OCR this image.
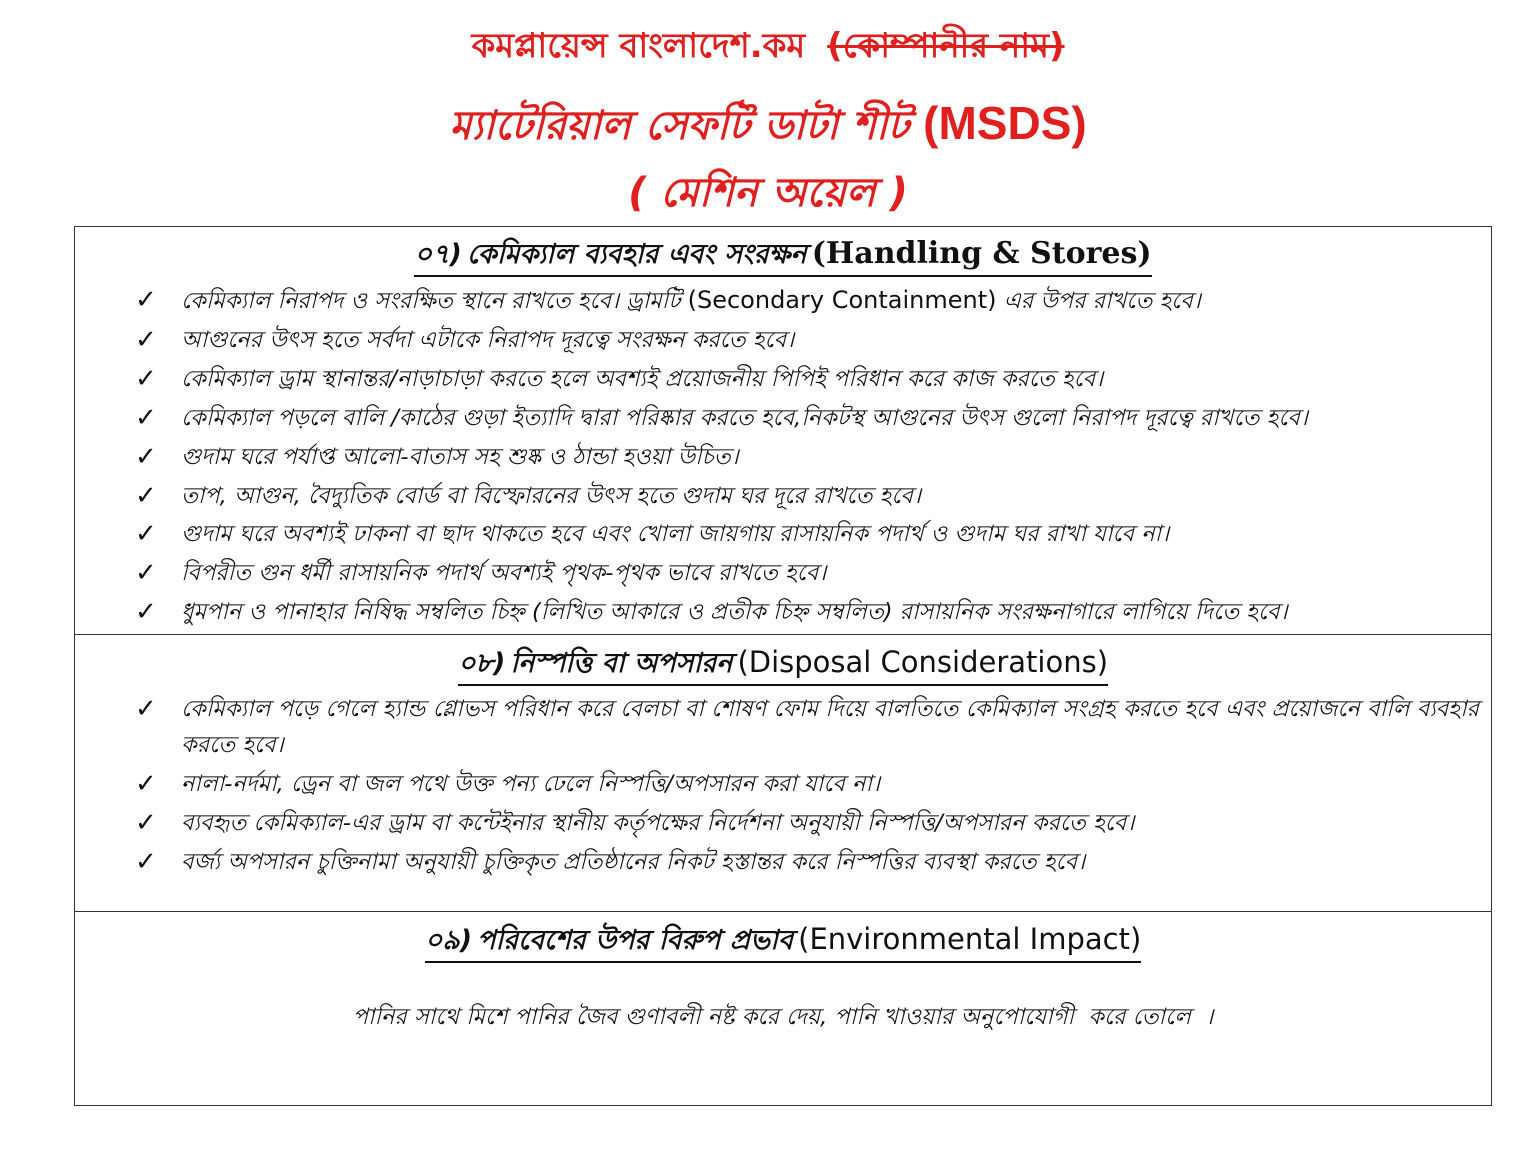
কমপ্লায়েন্স বাংলাদেশ.কম (কোম্পানীর নাম)
ম্যাটেরিয়াল সেফটি ডাটা শীট (MSDS)
( মেশিন অয়েল )
০৭) কেমিক্যাল ব্যবহার এবং সংরক্ষন (Handling & Stores)
✓ কেমিক্যাল নিরাপদ ও সংরক্ষিত স্থানে রাখতে হবে। ড্রামটি (Secondary Containment) এর উপর রাখতে হবে।
✓ আগুনের উৎস হতে সর্বদা এটাকে নিরাপদ দূরত্বে সংরক্ষন করতে হবে।
✓ কেমিক্যাল ড্রাম স্থানান্তর/নাড়াচাড়া করতে হলে অবশ্যই প্রয়োজনীয় পিপিই পরিধান করে কাজ করতে হবে।
✓ কেমিক্যাল পড়লে বালি /কাঠের গুড়া ইত্যাদি দ্বারা পরিষ্কার করতে হবে,নিকটস্থ আগুনের উৎস গুলো নিরাপদ দূরত্বে রাখতে হবে।
✓ গুদাম ঘরে পর্যাপ্ত আলো-বাতাস সহ শুষ্ক ও ঠান্ডা হওয়া উচিত।
✓ তাপ, আগুন, বৈদ্যুতিক বোর্ড বা বিস্ফোরনের উৎস হতে গুদাম ঘর দূরে রাখতে হবে।
✓ গুদাম ঘরে অবশ্যই ঢাকনা বা ছাদ থাকতে হবে এবং খোলা জায়গায় রাসায়নিক পদার্থ ও গুদাম ঘর রাখা যাবে না।
✓ বিপরীত গুন ধর্মী রাসায়নিক পদার্থ অবশ্যই পৃথক-পৃথক ভাবে রাখতে হবে।
✓ ধুমপান ও পানাহার নিষিদ্ধ সম্বলিত চিহ্ন (লিখিত আকারে ও প্রতীক চিহ্ন সম্বলিত) রাসায়নিক সংরক্ষনাগারে লাগিয়ে দিতে হবে।
০৮) নিস্পত্তি বা অপসারন (Disposal Considerations)
✓ কেমিক্যাল পড়ে গেলে হ্যান্ড গ্লোভস পরিধান করে বেলচা বা শোষণ ফোম দিয়ে বালতিতে কেমিক্যাল সংগ্রহ করতে হবে এবং প্রয়োজনে বালি ব্যবহার করতে হবে।
✓ নালা-নর্দমা, ড্রেন বা জল পথে উক্ত পন্য ঢেলে নিস্পত্তি/অপসারন করা যাবে না।
✓ ব্যবহৃত কেমিক্যাল-এর ড্রাম বা কন্টেইনার স্থানীয় কর্তৃপক্ষের নির্দেশনা অনুযায়ী নিস্পত্তি/অপসারন করতে হবে।
✓ বর্জ্য অপসারন চুক্তিনামা অনুযায়ী চুক্তিকৃত প্রতিষ্ঠানের নিকট হস্তান্তর করে নিস্পত্তির ব্যবস্থা করতে হবে।
০৯) পরিবেশের উপর বিরুপ প্রভাব (Environmental Impact)
পানির সাথে মিশে পানির জৈব গুণাবলী নষ্ট করে দেয়, পানি খাওয়ার অনুপোযোগী  করে তোলে  ।
